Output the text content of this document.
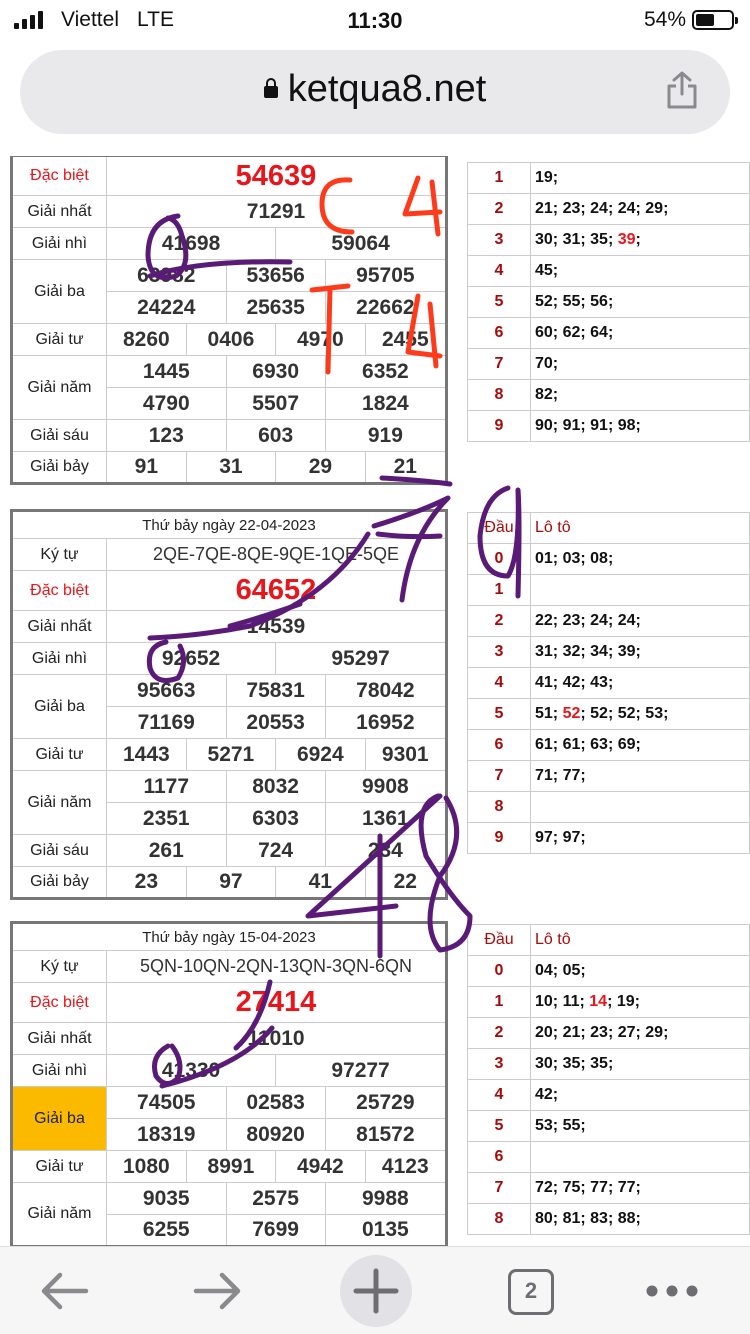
Viettel LTE	11:30	54%
ketqua8.net
Đặc biệt	54639					
Giải nhất	71291					
Giải nhì	41698			59064		
Giải ba	63982		53656		95705	
	24224		25635		22662	
Giải tư	8260	0406		4970		2455
Giải năm	1445		6930		6352	
	4790		5507		1824	
Giải sáu	123		603		919	
Giải bảy	91	31		29		21
1	19;
2	21; 23; 24; 24; 29;
3	30; 31; 35; 39;
4	45;
5	52; 55; 56;
6	60; 62; 64;
7	70;
8	82;
9	90; 91; 91; 98;
Thứ bảy ngày 22-04-2023						
Ký tự	2QE-7QE-8QE-9QE-1QE-5QE					
Đặc biệt	64652					
Giải nhất	14539					
Giải nhì	92652			95297		
Giải ba	95663		75831		78042	
	71169		20553		16952	
Giải tư	1443	5271		6924		9301
Giải năm	1177		8032		9908	
	2351		6303		1361	
Giải sáu	261		724		234	
Giải bảy	23	97		41		22
Đầu	Lô tô
0	01; 03; 08;
1	
2	22; 23; 24; 24;
3	31; 32; 34; 39;
4	41; 42; 43;
5	51; 52; 52; 52; 53;
6	61; 61; 63; 69;
7	71; 77;
8	
9	97; 97;
Thứ bảy ngày 15-04-2023						
Ký tự	5QN-10QN-2QN-13QN-3QN-6QN					
Đặc biệt	27414					
Giải nhất	11010					
Giải nhì	41330			97277		
Giải ba	74505		02583		25729	
	18319		80920		81572	
Giải tư	1080	8991		4942		4123
Giải năm	9035		2575		9988	
	6255		7699		0135	
Đầu	Lô tô
0	04; 05;
1	10; 11; 14; 19;
2	20; 21; 23; 27; 29;
3	30; 35; 35;
4	42;
5	53; 55;
6	
7	72; 75; 77; 77;
8	80; 81; 83; 88;
2
